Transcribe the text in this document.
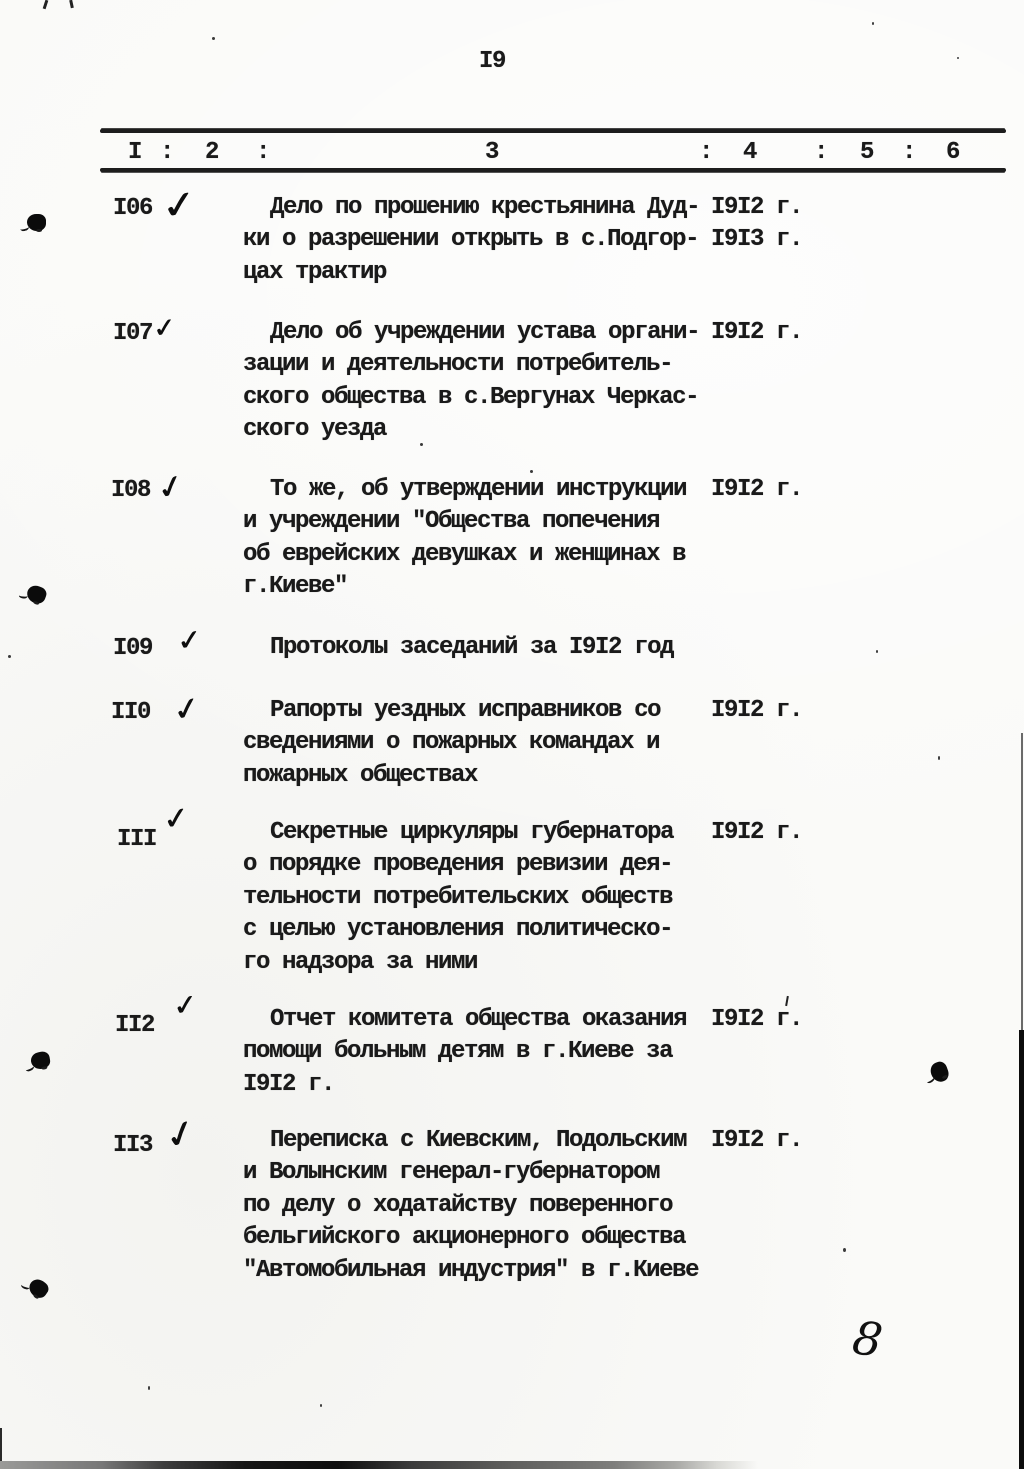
I9
I : 2 :	3	: 4 : 5 : 6
I06 ✓	Дело по прошению крестьянина Дуд-
ки о разрешении открыть в с.Подгор-
цах трактир
I9I2 г.
I9I3 г.
I07 ✓	Дело об учреждении устава органи-
зации и деятельности потребитель-
ского общества в с.Вергунах Черкас-
ского уезда
I9I2 г.
I08 ✓	То же, об утверждении инструкции
и учреждении "Общества попечения
об еврейских девушках и женщинах в
г.Киеве"
I9I2 г.
I09 ✓	Протоколы заседаний за I9I2 год
II0 ✓	Рапорты уездных исправников со
сведениями о пожарных командах и
пожарных обществах
I9I2 г.
III
✓	Секретные циркуляры губернатора
о порядке проведения ревизии дея-
тельности потребительских обществ
с целью установления политическо-
го надзора за ними
I9I2 г.
II2
✓	Отчет комитета общества оказания
помощи больным детям в г.Киеве за
I9I2 г.
I9I2 г.
II3 ✓	Переписка с Киевским, Подольским
и Волынским генерал-губернатором
по делу о ходатайству поверенного
бельгийского акционерного общества
"Автомобильная индустрия" в г.Киеве
I9I2 г.
8
